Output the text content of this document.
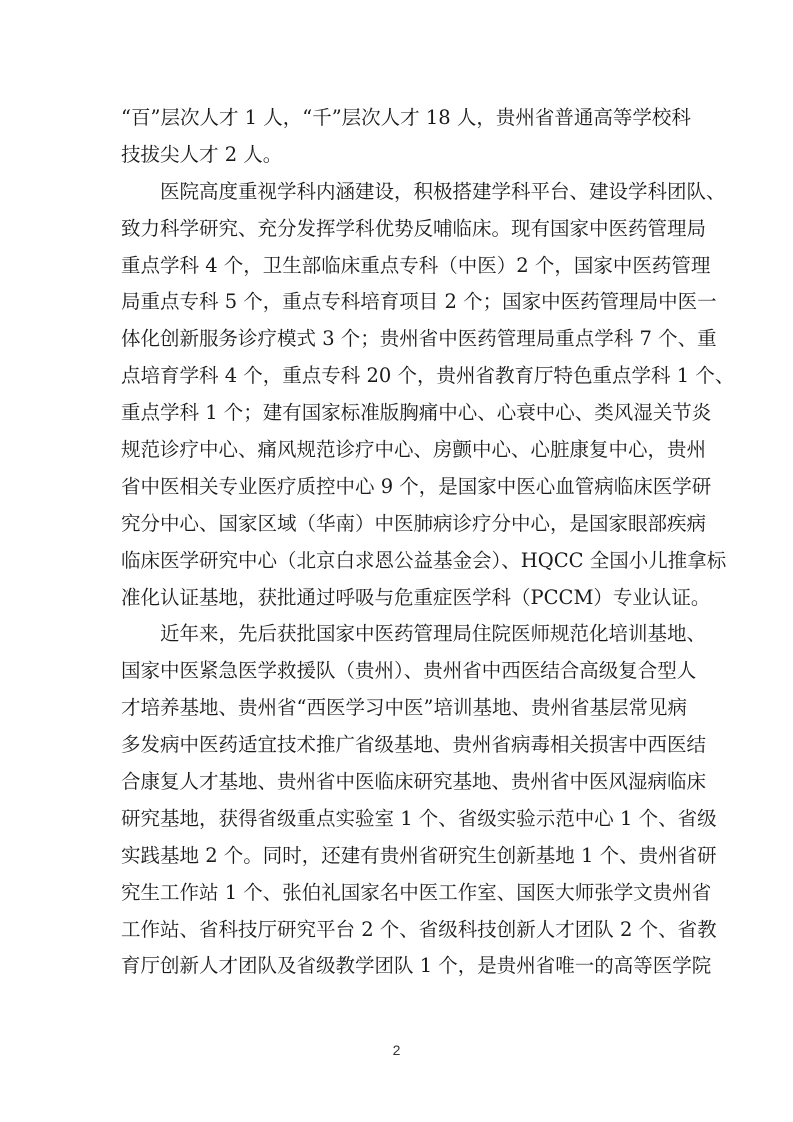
“百”层次人才 1 人，“千”层次人才 18 人，贵州省普通高等学校科
技拔尖人才 2 人。
医院高度重视学科内涵建设，积极搭建学科平台、建设学科团队、
致力科学研究、充分发挥学科优势反哺临床。现有国家中医药管理局
重点学科 4 个，卫生部临床重点专科（中医）2 个，国家中医药管理
局重点专科 5 个，重点专科培育项目 2 个；国家中医药管理局中医一
体化创新服务诊疗模式 3 个；贵州省中医药管理局重点学科 7 个、重
点培育学科 4 个，重点专科 20 个，贵州省教育厅特色重点学科 1 个、
重点学科 1 个；建有国家标准版胸痛中心、心衰中心、类风湿关节炎
规范诊疗中心、痛风规范诊疗中心、房颤中心、心脏康复中心，贵州
省中医相关专业医疗质控中心 9 个，是国家中医心血管病临床医学研
究分中心、国家区域（华南）中医肺病诊疗分中心，是国家眼部疾病
临床医学研究中心（北京白求恩公益基金会）、HQCC 全国小儿推拿标
准化认证基地，获批通过呼吸与危重症医学科（PCCM）专业认证。
近年来，先后获批国家中医药管理局住院医师规范化培训基地、
国家中医紧急医学救援队（贵州）、贵州省中西医结合高级复合型人
才培养基地、贵州省“西医学习中医”培训基地、贵州省基层常见病
多发病中医药适宜技术推广省级基地、贵州省病毒相关损害中西医结
合康复人才基地、贵州省中医临床研究基地、贵州省中医风湿病临床
研究基地，获得省级重点实验室 1 个、省级实验示范中心 1 个、省级
实践基地 2 个。同时，还建有贵州省研究生创新基地 1 个、贵州省研
究生工作站 1 个、张伯礼国家名中医工作室、国医大师张学文贵州省
工作站、省科技厅研究平台 2 个、省级科技创新人才团队 2 个、省教
育厅创新人才团队及省级教学团队 1 个，是贵州省唯一的高等医学院
2
